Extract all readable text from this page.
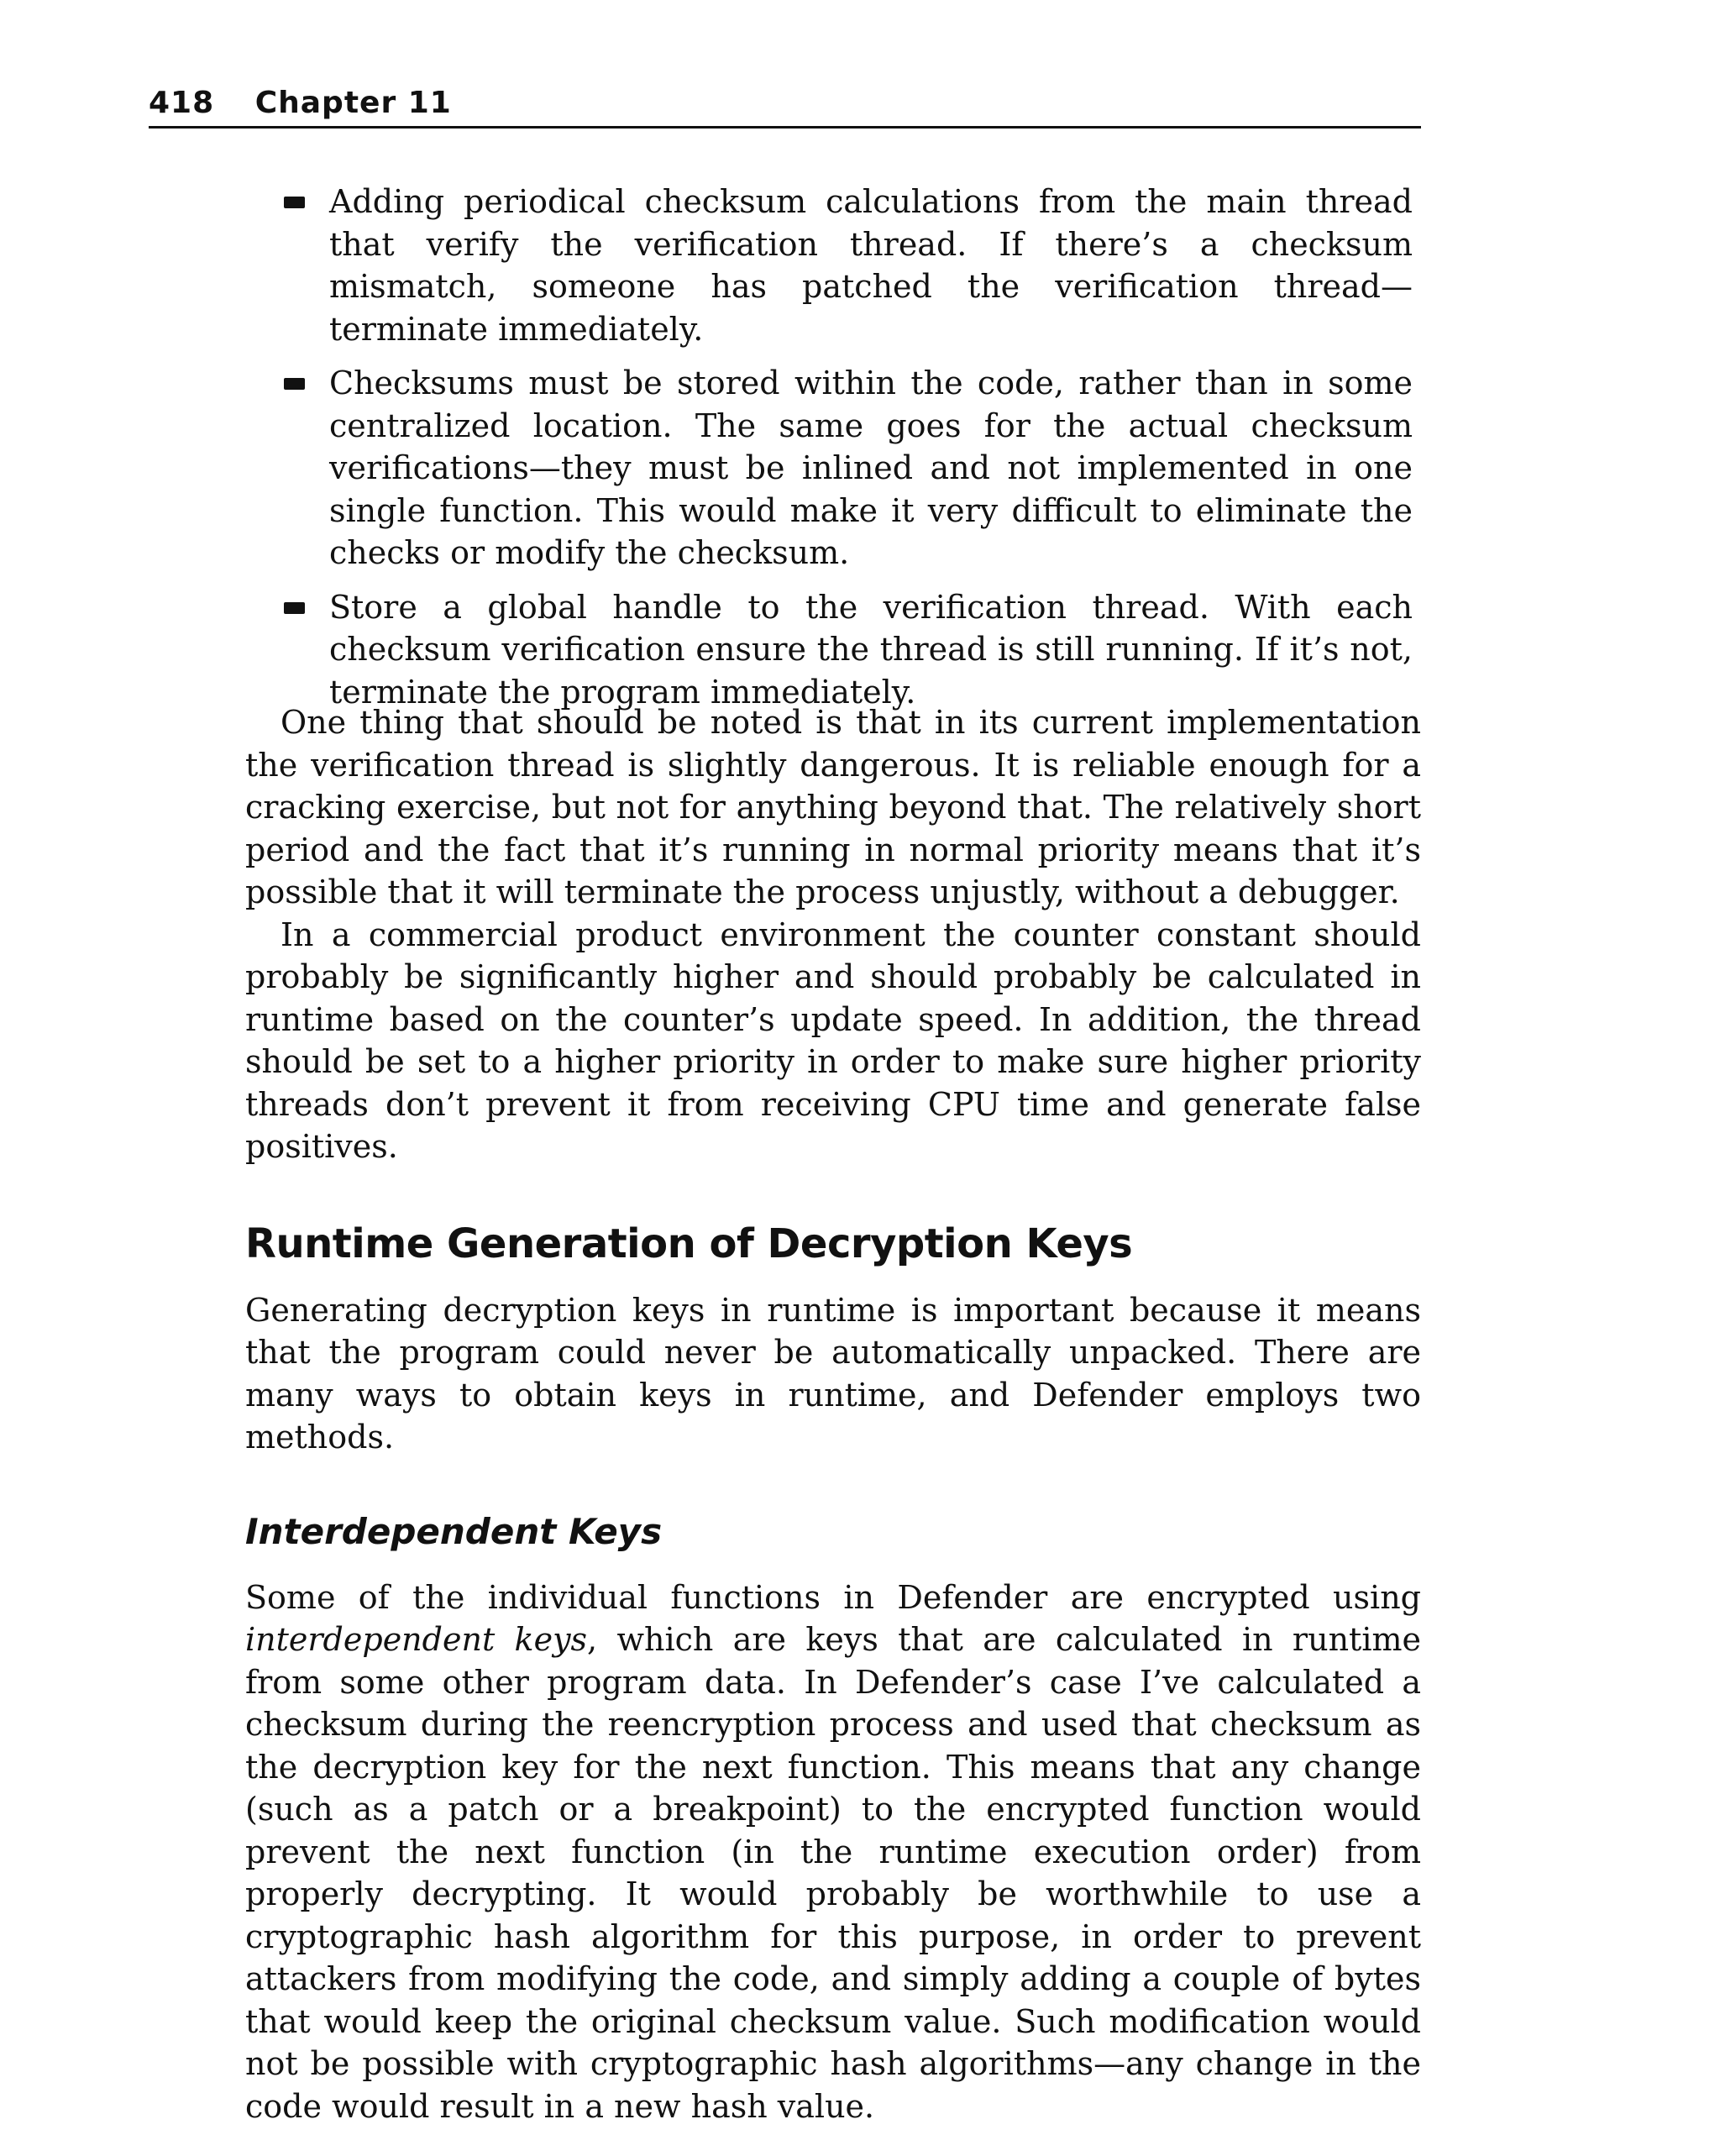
418 Chapter 11
Adding periodical checksum calculations from the main thread that verify the verification thread. If there’s a checksum mismatch, someone has patched the verification thread—terminate immediately.
Checksums must be stored within the code, rather than in some centralized location. The same goes for the actual checksum verifications—they must be inlined and not implemented in one single function. This would make it very difficult to eliminate the checks or modify the checksum.
Store a global handle to the verification thread. With each checksum verification ensure the thread is still running. If it’s not, terminate the program immediately.

One thing that should be noted is that in its current implementation the verification thread is slightly dangerous. It is reliable enough for a cracking exercise, but not for anything beyond that. The relatively short period and the fact that it’s running in normal priority means that it’s possible that it will terminate the process unjustly, without a debugger.

In a commercial product environment the counter constant should probably be significantly higher and should probably be calculated in runtime based on the counter’s update speed. In addition, the thread should be set to a higher priority in order to make sure higher priority threads don’t prevent it from receiving CPU time and generate false positives.

Runtime Generation of Decryption Keys

Generating decryption keys in runtime is important because it means that the program could never be automatically unpacked. There are many ways to obtain keys in runtime, and Defender employs two methods.

Interdependent Keys

Some of the individual functions in Defender are encrypted using interdependent keys, which are keys that are calculated in runtime from some other program data. In Defender’s case I’ve calculated a checksum during the reencryption process and used that checksum as the decryption key for the next function. This means that any change (such as a patch or a breakpoint) to the encrypted function would prevent the next function (in the runtime execution order) from properly decrypting. It would probably be worthwhile to use a cryptographic hash algorithm for this purpose, in order to prevent attackers from modifying the code, and simply adding a couple of bytes that would keep the original checksum value. Such modification would not be possible with cryptographic hash algorithms—any change in the code would result in a new hash value.
